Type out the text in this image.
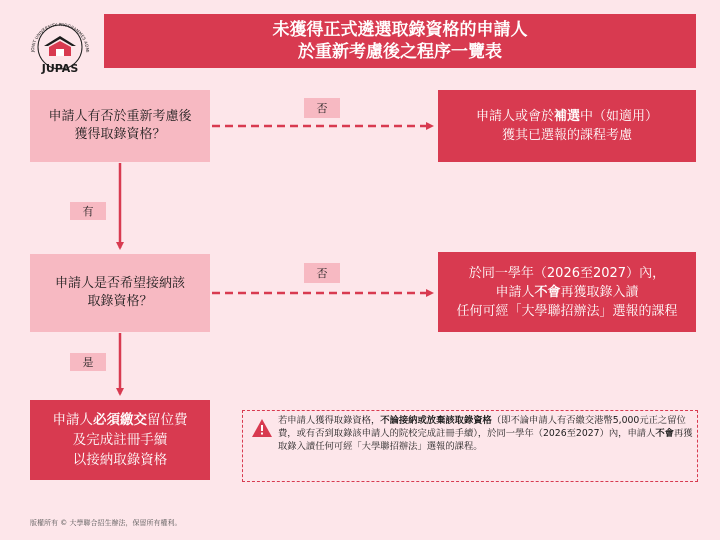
JOINT UNIVERSITY PROGRAMMES ADMI
JUPAS
未獲得正式遴選取錄資格的申請人
於重新考慮後之程序一覽表
申請人有否於重新考慮後
獲得取錄資格？
申請人或會於補選中（如適用）
獲其已選報的課程考慮
申請人是否希望接納該
取錄資格？
於同一學年（2026至2027）內，
申請人不會再獲取錄入讀
任何可經「大學聯招辦法」選報的課程
申請人必須繳交留位費
及完成註冊手續
以接納取錄資格
否
否
有
是
若申請人獲得取錄資格，不論接納或放棄該取錄資格（即不論申請人有否繳交港幣5,000元正之留位費，或有否到取錄該申請人的院校完成註冊手續），於同一學年（2026至2027）內，申請人不會再獲取錄入讀任何可經「大學聯招辦法」選報的課程。
版權所有 © 大學聯合招生辦法，保留所有權利。
